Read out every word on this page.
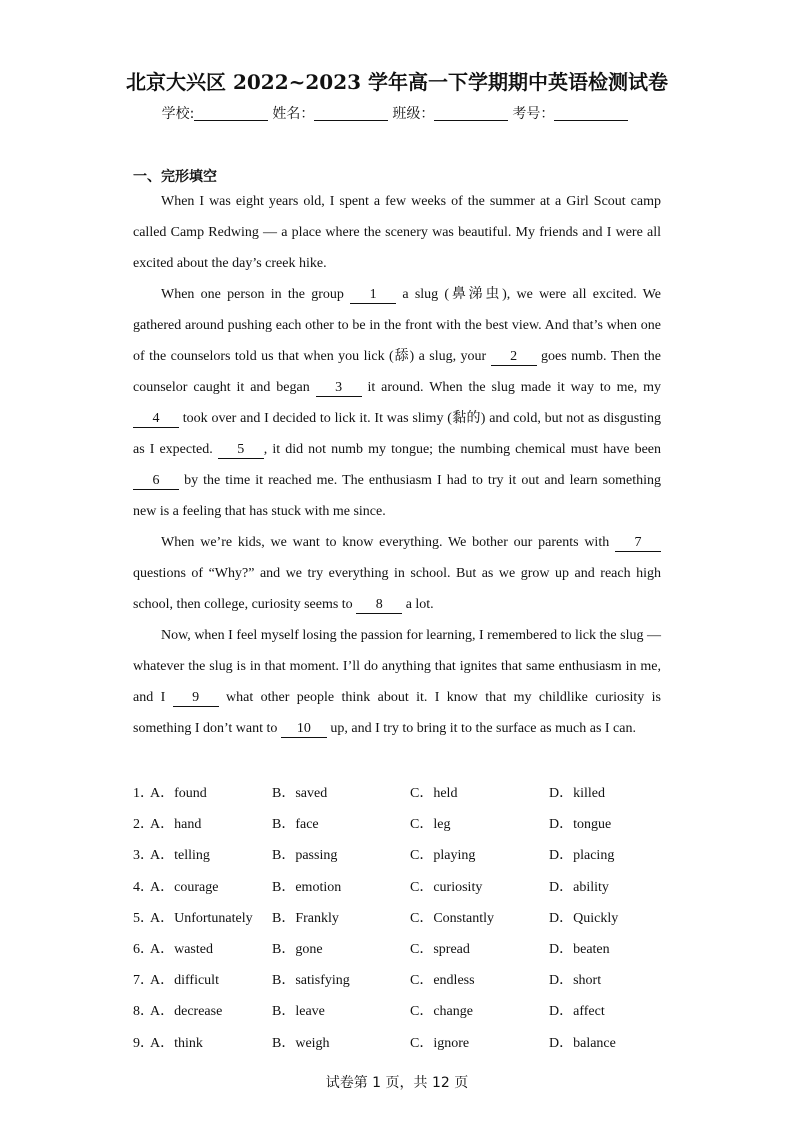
北京大兴区 2022~2023 学年高一下学期期中英语检测试卷
学校:	姓名：	班级：	考号：
一、完形填空

When I was eight years old, I spent a few weeks of the summer at a Girl Scout camp called Camp Redwing — a place where the scenery was beautiful. My friends and I were all excited about the day’s creek hike.

When one person in the group 1 a slug (鼻涕虫), we were all excited. We gathered around pushing each other to be in the front with the best view. And that’s when one of the counselors told us that when you lick (舔) a slug, your 2 goes numb. Then the counselor caught it and began 3 it around. When the slug made it way to me, my 4 took over and I decided to lick it. It was slimy (黏的) and cold, but not as disgusting as I expected. 5 , it did not numb my tongue; the numbing chemical must have been 6 by the time it reached me. The enthusiasm I had to try it out and learn something new is a feeling that has stuck with me since.

When we’re kids, we want to know everything. We bother our parents with 7 questions of “Why?” and we try everything in school. But as we grow up and reach high school, then college, curiosity seems to 8 a lot.

Now, when I feel myself losing the passion for learning, I remembered to lick the slug — whatever the slug is in that moment. I’ll do anything that ignites that same enthusiasm in me, and I 9 what other people think about it. I know that my childlike curiosity is something I don’t want to 10 up, and I try to bring it to the surface as much as I can.

1．
A．found	B．saved	C．held	D．killed
2．
A．hand	B．face	C．leg	D．tongue
3．
A．telling	B．passing	C．playing	D．placing
4．
A．courage	B．emotion	C．curiosity	D．ability
5．
A．Unfortunately B．Frankly	C．Constantly	D．Quickly
6．
A．wasted	B．gone	C．spread	D．beaten
7．
A．difficult	B．satisfying	C．endless	D．short
8．
A．decrease	B．leave	C．change	D．affect
9．
A．think	B．weigh	C．ignore	D．balance
试卷第 1 页，共 12 页
